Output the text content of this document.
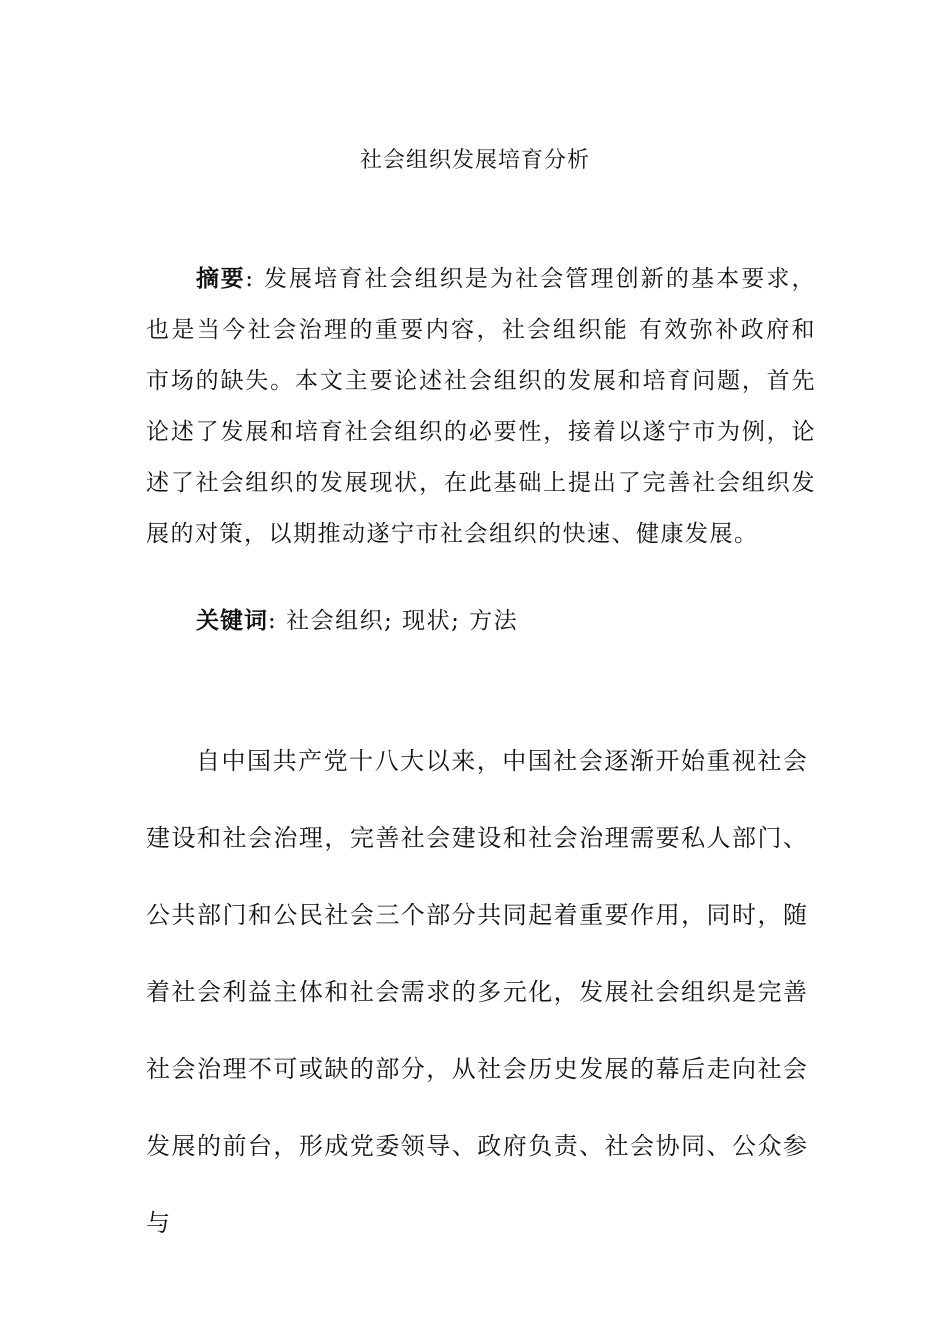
社会组织发展培育分析

摘要: 发展培育社会组织是为社会管理创新的基本要求，也是当今社会治理的重要内容，社会组织能 有效弥补政府和市场的缺失。本文主要论述社会组织的发展和培育问题，首先论述了发展和培育社会组织的必要性，接着以遂宁市为例，论述了社会组织的发展现状，在此基础上提出了完善社会组织发展的对策，以期推动遂宁市社会组织的快速、健康发展。

关键词: 社会组织; 现状; 方法

自中国共产党十八大以来，中国社会逐渐开始重视社会建设和社会治理，完善社会建设和社会治理需要私人部门、公共部门和公民社会三个部分共同起着重要作用，同时，随着社会利益主体和社会需求的多元化，发展社会组织是完善社会治理不可或缺的部分，从社会历史发展的幕后走向社会发展的前台，形成党委领导、政府负责、社会协同、公众参与
